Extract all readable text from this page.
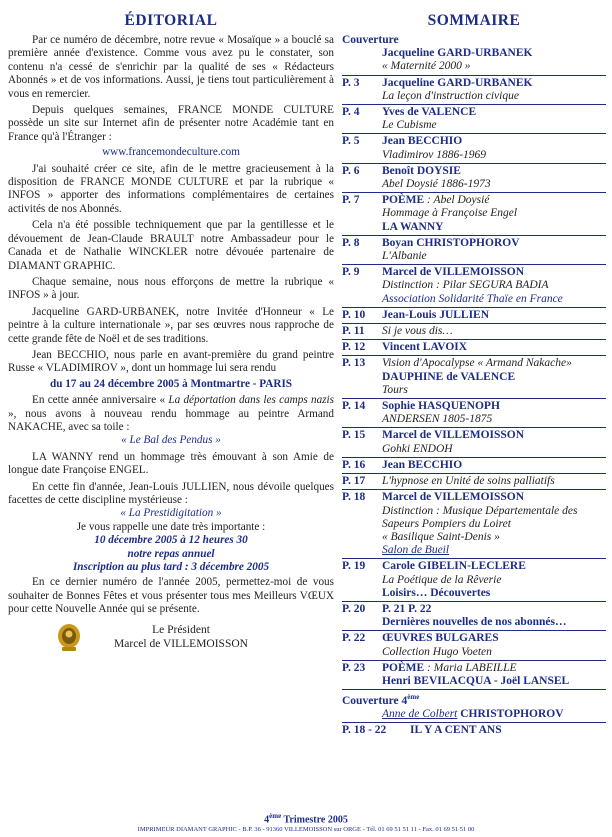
ÉDITORIAL

Par ce numéro de décembre, notre revue « Mosaïque » a bouclé sa première année d'existence. Comme vous avez pu le constater, son contenu n'a cessé de s'enrichir par la qualité de ses « Rédacteurs Abonnés » et de vos informations. Aussi, je tiens tout particulièrement à vous en remercier.

Depuis quelques semaines, FRANCE MONDE CULTURE possède un site sur Internet afin de présenter notre Académie tant en France qu'à l'Étranger :

www.francemondeculture.com

J'ai souhaité créer ce site, afin de le mettre gracieusement à la disposition de FRANCE MONDE CULTURE et par la rubrique « INFOS » apporter des informations complémentaires de certaines activités de nos Abonnés.

Cela n'a été possible techniquement que par la gentillesse et le dévouement de Jean-Claude BRAULT notre Ambassadeur pour le Canada et de Nathalie WINCKLER notre dévouée partenaire de DIAMANT GRAPHIC.

Chaque semaine, nous nous efforçons de mettre la rubrique « INFOS » à jour.

Jacqueline GARD-URBANEK, notre Invitée d'Honneur « Le peintre à la culture internationale », par ses œuvres nous rapproche de cette grande fête de Noël et de ses traditions.

Jean BECCHIO, nous parle en avant-première du grand peintre Russe « VLADIMIROV », dont un hommage lui sera rendu

du 17 au 24 décembre 2005 à Montmartre - PARIS

En cette année anniversaire « La déportation dans les camps nazis », nous avons à nouveau rendu hommage au peintre Armand NAKACHE, avec sa toile :

« Le Bal des Pendus »

LA WANNY rend un hommage très émouvant à son Amie de longue date Françoise ENGEL.

En cette fin d'année, Jean-Louis JULLIEN, nous dévoile quelques facettes de cette discipline mystérieuse :

« La Prestidigitation »

Je vous rappelle une date très importante :

10 décembre 2005 à 12 heures 30

notre repas annuel

Inscription au plus tard : 3 décembre 2005

En ce dernier numéro de l'année 2005, permettez-moi de vous souhaiter de Bonnes Fêtes et vous présenter tous mes Meilleurs VŒUX pour cette Nouvelle Année qui se présente.

Le Président
Marcel de VILLEMOISSON
SOMMAIRE
Couverture
Jacqueline GARD-URBANEK
« Maternité 2000 »
P. 3	Jacqueline GARD-URBANEK
La leçon d'instruction civique
P. 4	Yves de VALENCE
Le Cubisme
P. 5	Jean BECCHIO
Vladimirov 1886-1969
P. 6	Benoît DOYSIE
Abel Doysié 1886-1973
P. 7	POÈME : Abel Doysié
Hommage à Françoise Engel
LA WANNY
P. 8	Boyan CHRISTOPHOROV
L'Albanie
P. 9	Marcel de VILLEMOISSON
Distinction : Pilar SEGURA BADIA
Association Solidarité Thaïe en France
P. 10	Jean-Louis JULLIEN
P. 11	Si je vous dis…
P. 12	Vincent LAVOIX
P. 13	Vision d'Apocalypse « Armand Nakache»
DAUPHINE de VALENCE
Tours
P. 14	Sophie HASQUENOPH
ANDERSEN 1805-1875
P. 15	Marcel de VILLEMOISSON
Gohki ENDOH
P. 16	Jean BECCHIO
P. 17	L'hypnose en Unité de soins palliatifs
P. 18	Marcel de VILLEMOISSON
Distinction : Musique Départementale des Sapeurs Pompiers du Loiret
« Basilique Saint-Denis »
Salon de Bueil
P. 19	Carole GIBELIN-LECLERE
La Poétique de la Rêverie
Loisirs… Découvertes
P. 20	P. 21 P. 22
Dernières nouvelles de nos abonnés…
P. 22	ŒUVRES BULGARES
Collection Hugo Voeten
P. 23	POÈME : Maria LABEILLE
Henri BEVILACQUA - Joël LANSEL
Couverture 4ème
Anne de Colbert CHRISTOPHOROV
P. 18 - 22	IL Y A CENT ANS
4ème Trimestre 2005
IMPRIMEUR DIAMANT GRAPHIC - B.P. 36 - 91360 VILLEMOISSON sur ORGE - Tél. 01 69 51 51 11 - Fax. 01 69 51 51 00
